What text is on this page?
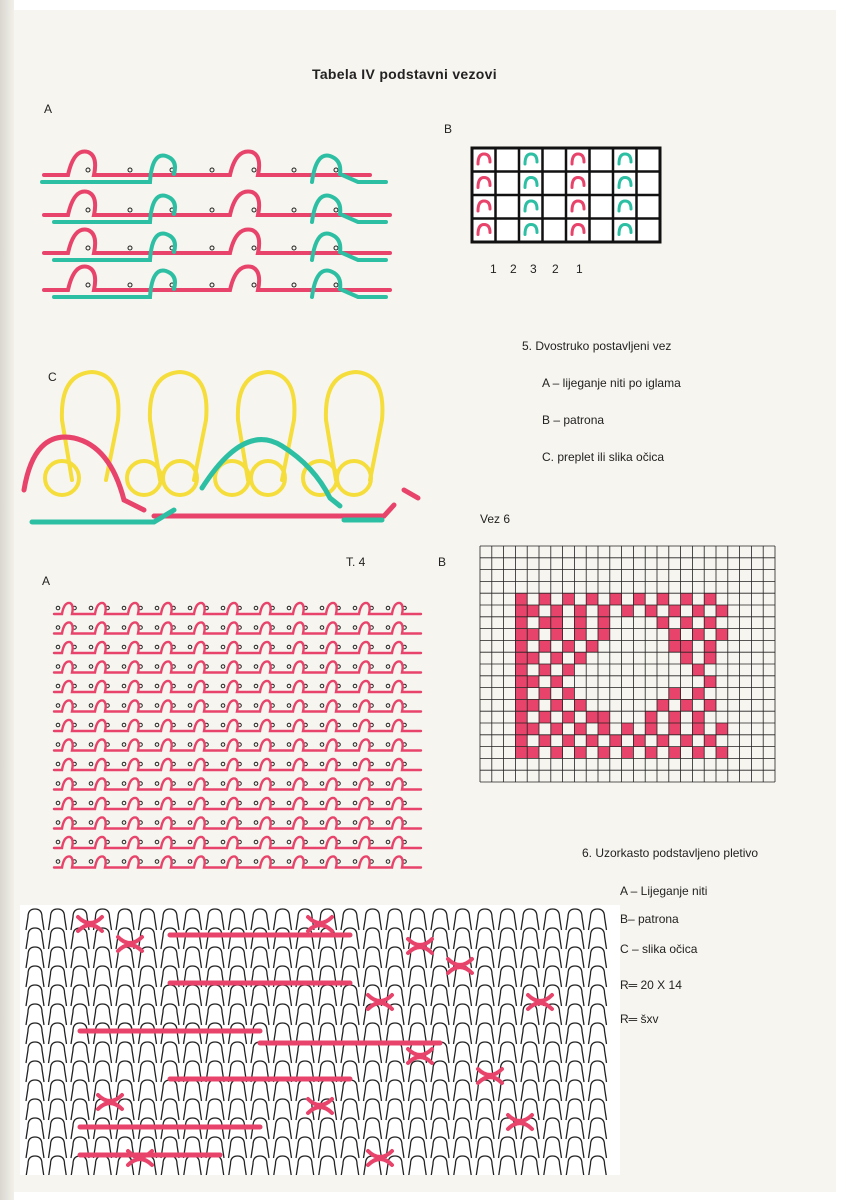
Tabela IV podstavni vezovi
A
B
1 2 3 2 1
C
5. Dvostruko postavljeni vez
A – lijeganje niti po iglama
B – patrona
C. preplet ili slika očica
Vez 6
T. 4	B
A
6. Uzorkasto podstavljeno pletivo
A – Lijeganje niti
B– patrona
C – slika očica
R═ 20 X 14
R═ šxv
